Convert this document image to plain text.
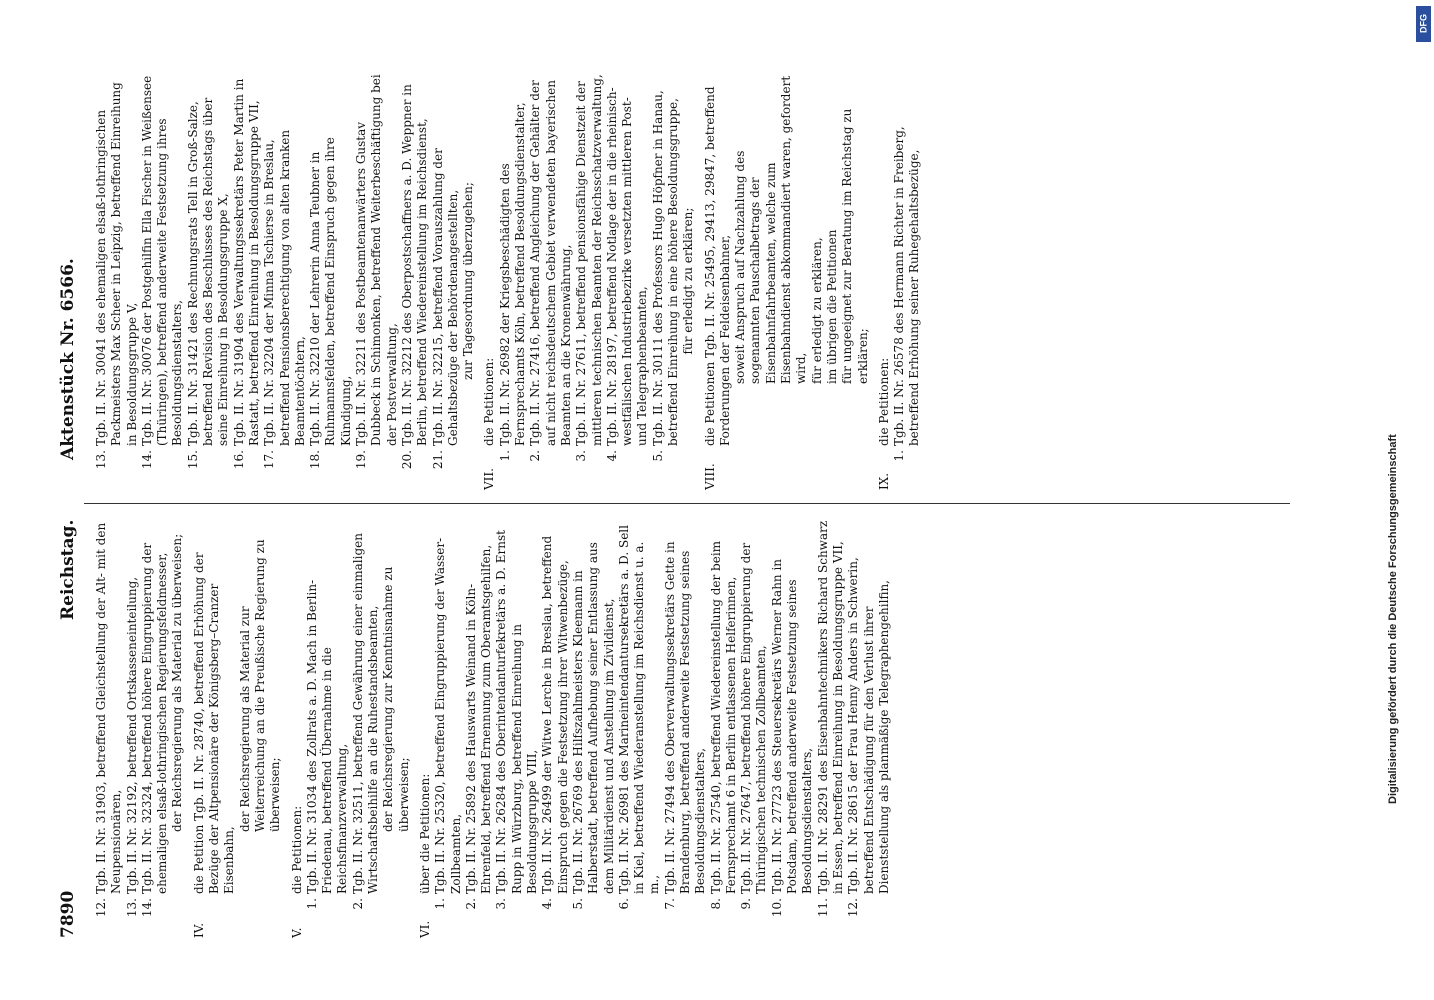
7890
Reichstag.
Aktenstück Nr. 6566.
12.
Tgb. II. Nr. 31903, betreffend Gleichstellung der Alt- mit den Neupensionären,
13.
Tgb. II. Nr. 32192, betreffend Ortskasseneinteilung,
14.
Tgb. II. Nr. 32324, betreffend höhere Eingruppierung der ehemaligen elsaß-lothringischen Regierungsfeldmesser, der Reichsregierung als Material zu überweisen;
IV.
die Petition Tgb. II. Nr. 28740, betreffend Erhöhung der Bezüge der Altpensionäre der Königsberg–Cranzer Eisenbahn,
der Reichsregierung als Material zur Weiterreichung an die Preußische Regierung zu überweisen;
V.
die Petitionen:
1.
Tgb. II. Nr. 31034 des Zollrats a. D. Mach in Berlin-Friedenau, betreffend Übernahme in die Reichsfinanzverwaltung,
2.
Tgb. II. Nr. 32511, betreffend Gewährung einer einmaligen Wirtschaftsbeihilfe an die Ruhestandsbeamten, der Reichsregierung zur Kenntnisnahme zu überweisen;
VI.
über die Petitionen:
1.
Tgb. II. Nr. 25320, betreffend Eingruppierung der Wasser-Zollbeamten,
2.
Tgb. II. Nr. 25892 des Hauswarts Weinand in Köln-Ehrenfeld, betreffend Ernennung zum Oberamtsgehilfen,
3.
Tgb. II. Nr. 26284 des Oberintendanturfekretärs a. D. Ernst Rupp in Würzburg, betreffend Einreihung in Besoldungsgruppe VIII,
4.
Tgb. II. Nr. 26499 der Witwe Lerche in Breslau, betreffend Einspruch gegen die Festsetzung ihrer Witwenbezüge,
5.
Tgb. II. Nr. 26769 des Hilfszahlmeisters Kleemann in Halberstadt, betreffend Aufhebung seiner Entlassung aus dem Militärdienst und Anstellung im Zivildienst,
6.
Tgb. II. Nr. 26981 des Marineintendantursekretärs a. D. Sell in Kiel, betreffend Wiederanstellung im Reichsdienst u. a. m.,
7.
Tgb. II. Nr. 27494 des Oberverwaltungssekretärs Gette in Brandenburg, betreffend anderweite Festsetzung seines Besoldungsdienstalters,
8.
Tgb. II. Nr. 27540, betreffend Wiedereinstellung der beim Fernsprechamt 6 in Berlin entlassenen Helferinnen,
9.
Tgb. II. Nr. 27647, betreffend höhere Eingruppierung der Thüringischen technischen Zollbeamten,
10.
Tgb. II. Nr. 27723 des Steuersekretärs Werner Rahn in Potsdam, betreffend anderweite Festsetzung seines Besoldungsdienstalters,
11.
Tgb. II. Nr. 28291 des Eisenbahntechnikers Richard Schwarz in Essen, betreffend Einreihung in Besoldungsgruppe VII,
12.
Tgb. II. Nr. 28615 der Frau Henny Anders in Schwerin, betreffend Entschädigung für den Verlust ihrer Dienststellung als planmäßige Telegraphengehilfin,
13.
Tgb. II. Nr. 30041 des ehemaligen elsaß-lothringischen Packmeisters Max Scheer in Leipzig, betreffend Einreihung in Besoldungsgruppe V,
14.
Tgb. II. Nr. 30076 der Postgehilfin Ella Fischer in Weißensee (Thüringen), betreffend anderweite Festsetzung ihres Besoldungsdienstalters,
15.
Tgb. II. Nr. 31421 des Rechnungsrats Tell in Groß-Salze, betreffend Revision des Beschlusses des Reichstags über seine Einreihung in Besoldungsgruppe X,
16.
Tgb. II. Nr. 31904 des Verwaltungssekretärs Peter Martin in Rastatt, betreffend Einreihung in Besoldungsgruppe VII,
17.
Tgb. II. Nr. 32204 der Minna Tschierse in Breslau, betreffend Pensionsberechtigung von alten kranken Beamtentöchtern,
18.
Tgb. II. Nr. 32210 der Lehrerin Anna Teubner in Ruhmannsfelden, betreffend Einspruch gegen ihre Kündigung,
19.
Tgb. II. Nr. 32211 des Postbeamtenanwärters Gustav Dubbeck in Schimonken, betreffend Weiterbeschäftigung bei der Postverwaltung,
20.
Tgb. II. Nr. 32212 des Oberpostschaffners a. D. Weppner in Berlin, betreffend Wiedereinstellung im Reichsdienst,
21.
Tgb. II. Nr. 32215, betreffend Vorauszahlung der Gehaltsbezüge der Behördenangestellten, zur Tagesordnung überzugehen;
VII.
die Petitionen:
1.
Tgb. II. Nr. 26982 der Kriegsbeschädigten des Fernsprechamts Köln, betreffend Besoldungsdienstalter,
2.
Tgb. II. Nr. 27416, betreffend Angleichung der Gehälter der auf nicht reichsdeutschem Gebiet verwendeten bayerischen Beamten an die Kronenwährung,
3.
Tgb. II. Nr. 27611, betreffend pensionsfähige Dienstzeit der mittleren technischen Beamten der Reichsschatzverwaltung,
4.
Tgb. II. Nr. 28197, betreffend Notlage der in die rheinisch-westfälischen Industriebezirke versetzten mittleren Post- und Telegraphenbeamten,
5.
Tgb. II. Nr. 30111 des Professors Hugo Höpfner in Hanau, betreffend Einreihung in eine höhere Besoldungsgruppe, für erledigt zu erklären;
VIII.
die Petitionen Tgb. II. Nr. 25495, 29413, 29847, betreffend Forderungen der Feldeisenbahner, soweit Anspruch auf Nachzahlung des sogenannten Pauschalbetrags der Eisenbahnfahrbeamten, welche zum Eisenbahndienst abkommandiert waren, gefordert wird, für erledigt zu erklären, im übrigen die Petitionen für ungeeignet zur Beratung im Reichstag zu erklären;
IX.
die Petitionen:
1.
Tgb. II. Nr. 26578 des Hermann Richter in Freiberg, betreffend Erhöhung seiner Ruhegehaltsbezüge,
Digitalisierung gefördert durch die Deutsche Forschungsgemeinschaft
DFG
